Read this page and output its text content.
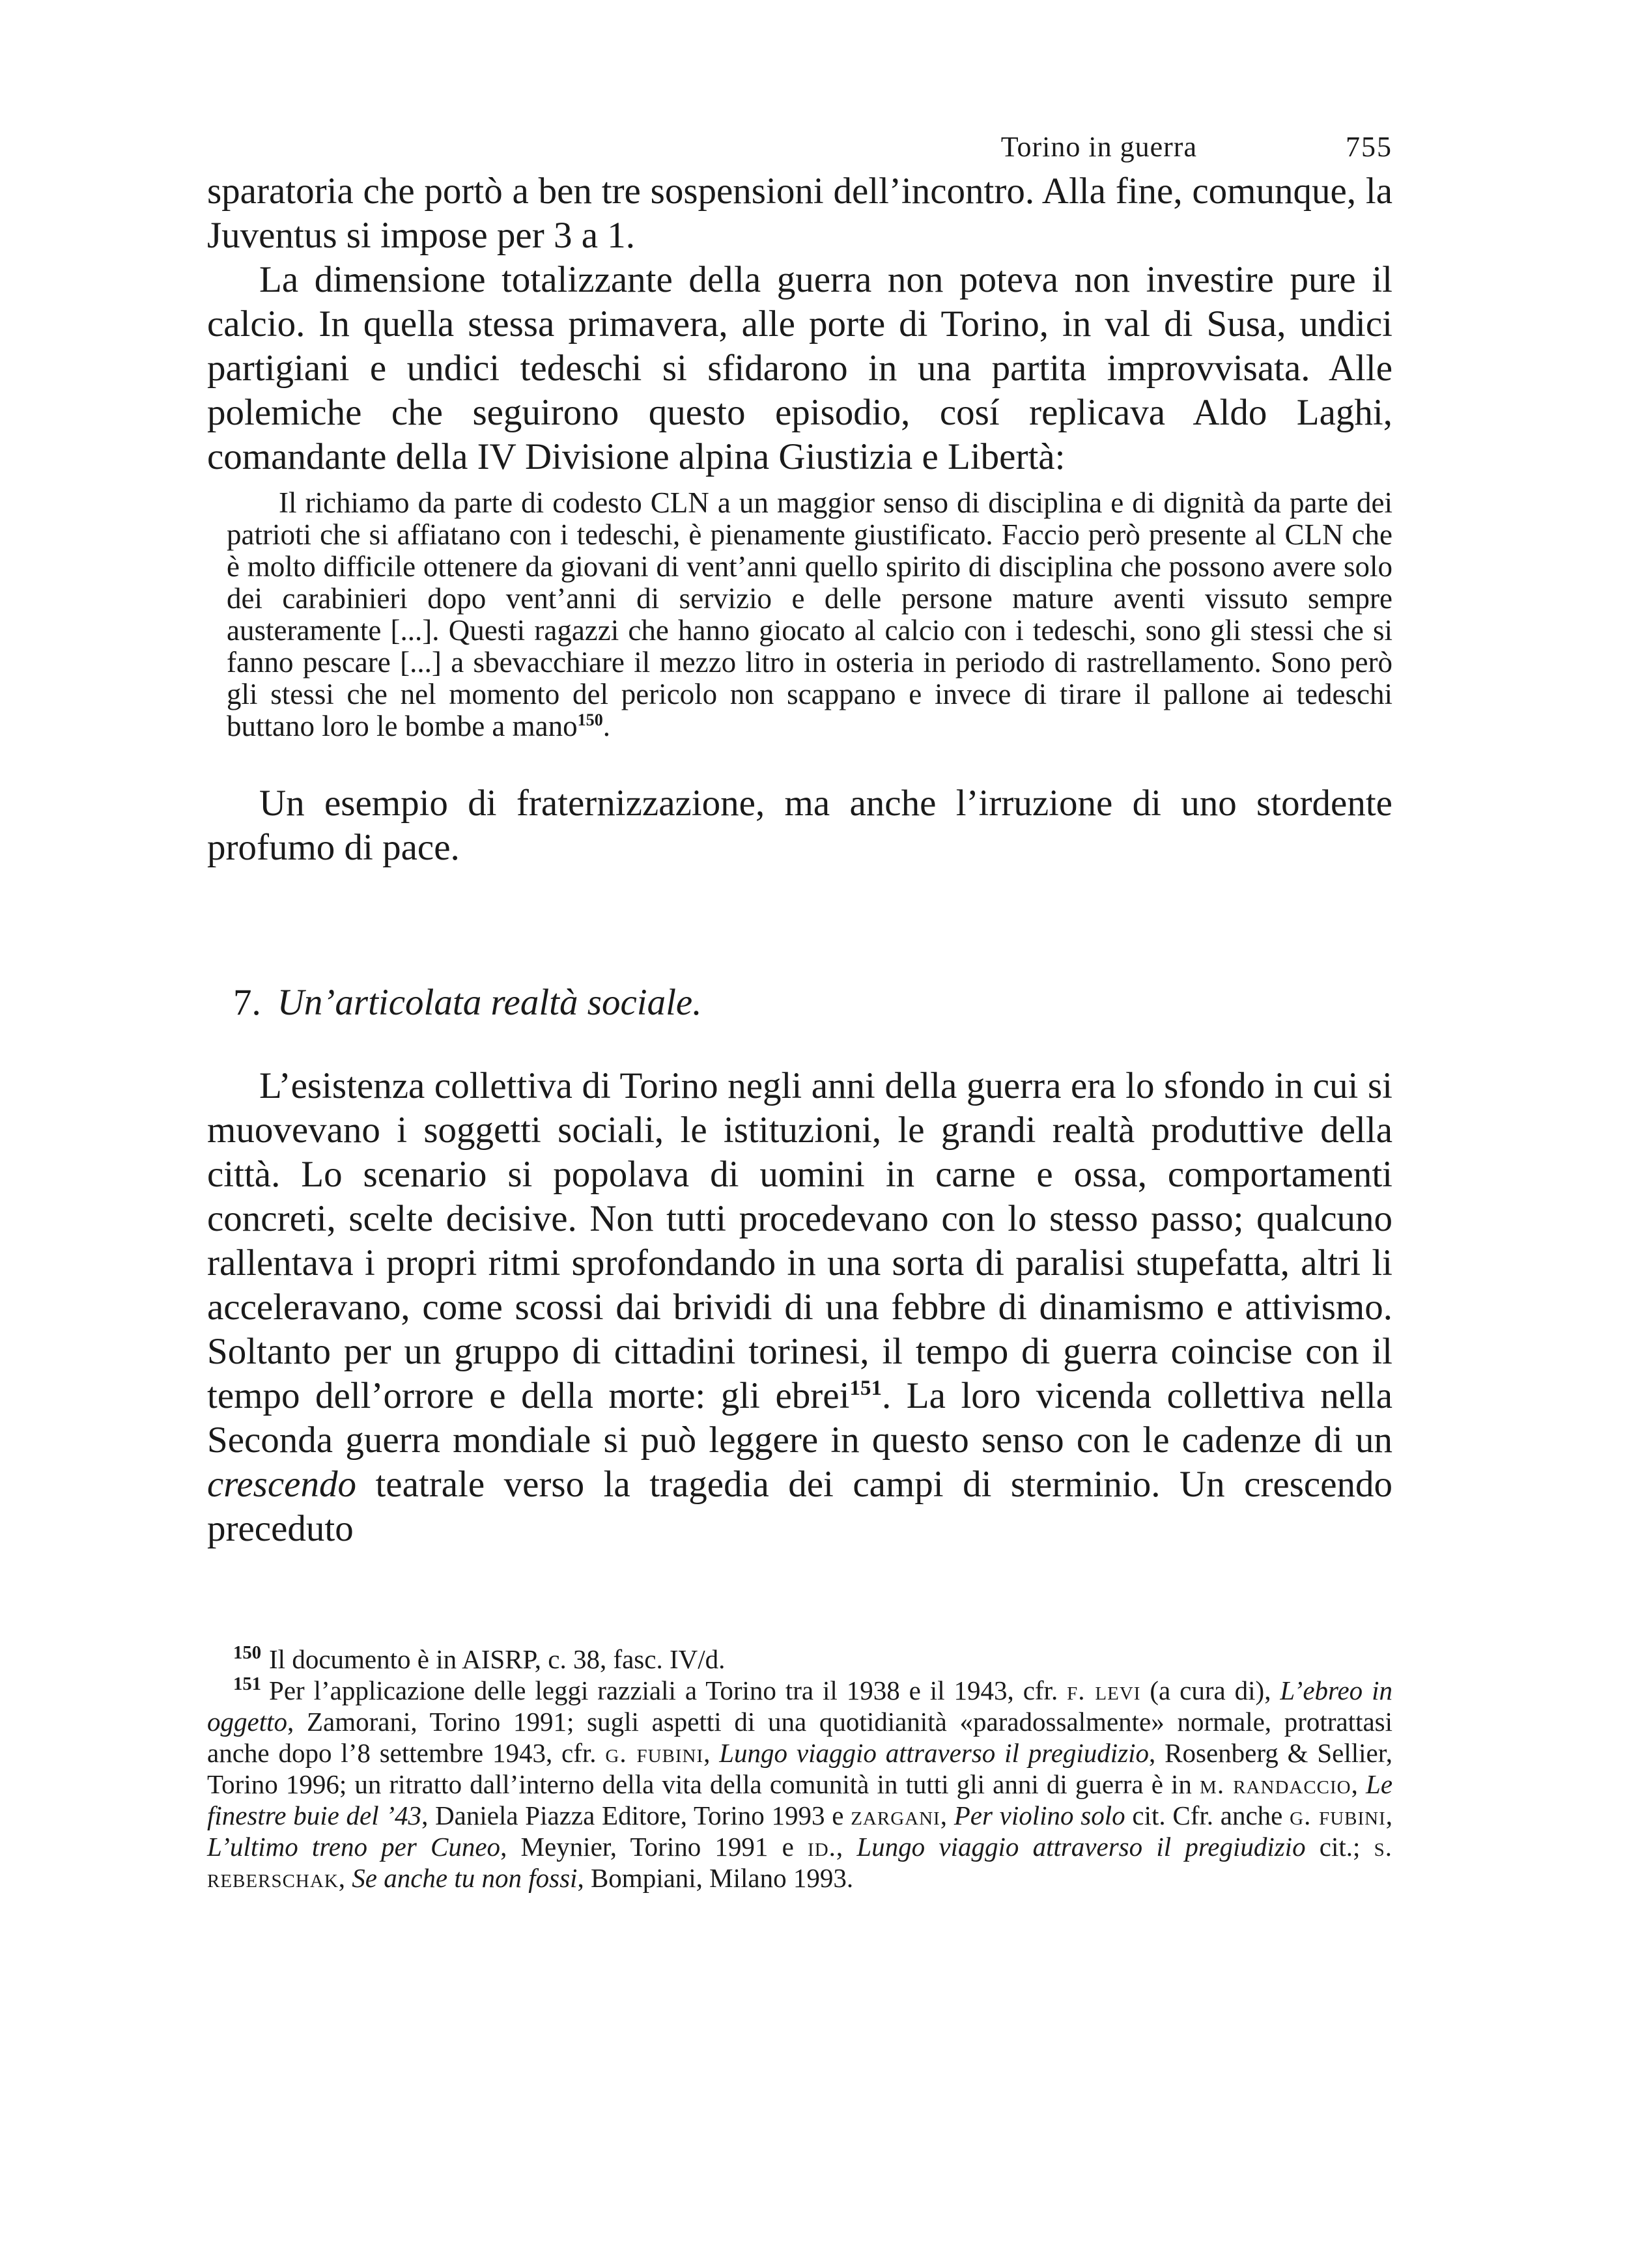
Torino in guerra	755

sparatoria che portò a ben tre sospensioni dell’incontro. Alla fine, comunque, la Juventus si impose per 3 a 1.

La dimensione totalizzante della guerra non poteva non investire pure il calcio. In quella stessa primavera, alle porte di Torino, in val di Susa, undici partigiani e undici tedeschi si sfidarono in una partita improvvisata. Alle polemiche che seguirono questo episodio, cosí replicava Aldo Laghi, comandante della IV Divisione alpina Giustizia e Libertà:

Il richiamo da parte di codesto CLN a un maggior senso di disciplina e di dignità da parte dei patrioti che si affiatano con i tedeschi, è pienamente giustificato. Faccio però presente al CLN che è molto difficile ottenere da giovani di vent’anni quello spirito di disciplina che possono avere solo dei carabinieri dopo vent’anni di servizio e delle persone mature aventi vissuto sempre austeramente [...]. Questi ragazzi che hanno giocato al calcio con i tedeschi, sono gli stessi che si fanno pescare [...] a sbevacchiare il mezzo litro in osteria in periodo di rastrellamento. Sono però gli stessi che nel momento del pericolo non scappano e invece di tirare il pallone ai tedeschi buttano loro le bombe a mano$^{150}$.

Un esempio di fraternizzazione, ma anche l’irruzione di uno stordente profumo di pace.

7. Un’articolata realtà sociale.

L’esistenza collettiva di Torino negli anni della guerra era lo sfondo in cui si muovevano i soggetti sociali, le istituzioni, le grandi realtà produttive della città. Lo scenario si popolava di uomini in carne e ossa, comportamenti concreti, scelte decisive. Non tutti procedevano con lo stesso passo; qualcuno rallentava i propri ritmi sprofondando in una sorta di paralisi stupefatta, altri li acceleravano, come scossi dai brividi di una febbre di dinamismo e attivismo. Soltanto per un gruppo di cittadini torinesi, il tempo di guerra coincise con il tempo dell’orrore e della morte: gli ebrei$^{151}$. La loro vicenda collettiva nella Seconda guerra mondiale si può leggere in questo senso con le cadenze di un crescendo teatrale verso la tragedia dei campi di sterminio. Un crescendo preceduto

$^{150}$ Il documento è in AISRP, c. 38, fasc. IV/d.

$^{151}$ Per l’applicazione delle leggi razziali a Torino tra il 1938 e il 1943, cfr. f. levi (a cura di), L’ebreo in oggetto, Zamorani, Torino 1991; sugli aspetti di una quotidianità «paradossalmente» normale, protrattasi anche dopo l’8 settembre 1943, cfr. g. fubini, Lungo viaggio attraverso il pregiudizio, Rosenberg & Sellier, Torino 1996; un ritratto dall’interno della vita della comunità in tutti gli anni di guerra è in m. randaccio, Le finestre buie del ’43, Daniela Piazza Editore, Torino 1993 e zargani, Per violino solo cit. Cfr. anche g. fubini, L’ultimo treno per Cuneo, Meynier, Torino 1991 e id., Lungo viaggio attraverso il pregiudizio cit.; s. reberschak, Se anche tu non fossi, Bompiani, Milano 1993.
